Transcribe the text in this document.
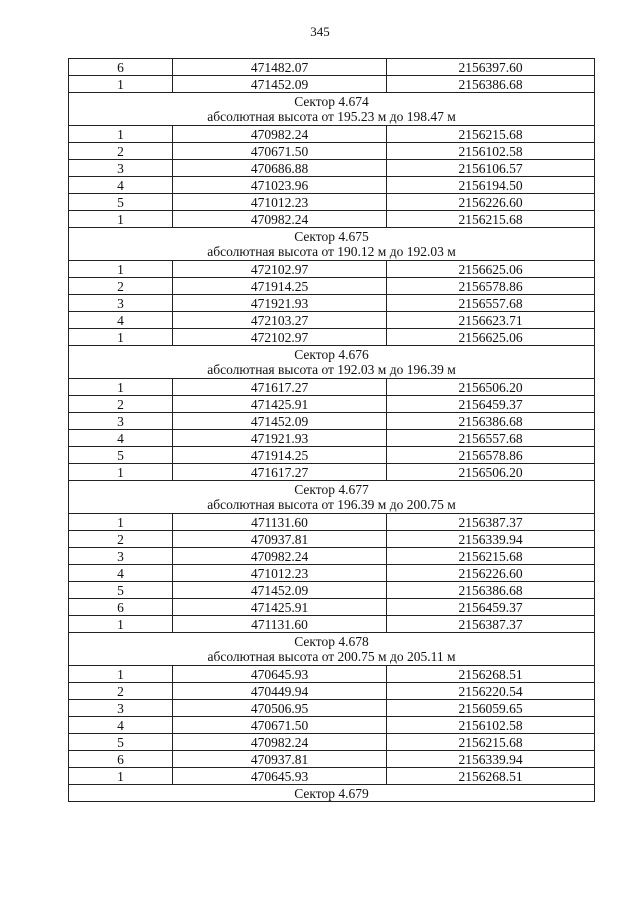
345
6	471482.07	2156397.60
1	471452.09	2156386.68

Сектор 4.674
абсолютная высота от 195.23 м до 198.47 м		

1	470982.24	2156215.68
2	470671.50	2156102.58
3	470686.88	2156106.57
4	471023.96	2156194.50
5	471012.23	2156226.60
1	470982.24	2156215.68

Сектор 4.675
абсолютная высота от 190.12 м до 192.03 м		

1	472102.97	2156625.06
2	471914.25	2156578.86
3	471921.93	2156557.68
4	472103.27	2156623.71
1	472102.97	2156625.06

Сектор 4.676
абсолютная высота от 192.03 м до 196.39 м		

1	471617.27	2156506.20
2	471425.91	2156459.37
3	471452.09	2156386.68
4	471921.93	2156557.68
5	471914.25	2156578.86
1	471617.27	2156506.20

Сектор 4.677
абсолютная высота от 196.39 м до 200.75 м		

1	471131.60	2156387.37
2	470937.81	2156339.94
3	470982.24	2156215.68
4	471012.23	2156226.60
5	471452.09	2156386.68
6	471425.91	2156459.37
1	471131.60	2156387.37

Сектор 4.678
абсолютная высота от 200.75 м до 205.11 м		

1	470645.93	2156268.51
2	470449.94	2156220.54
3	470506.95	2156059.65
4	470671.50	2156102.58
5	470982.24	2156215.68
6	470937.81	2156339.94
1	470645.93	2156268.51

Сектор 4.679		
